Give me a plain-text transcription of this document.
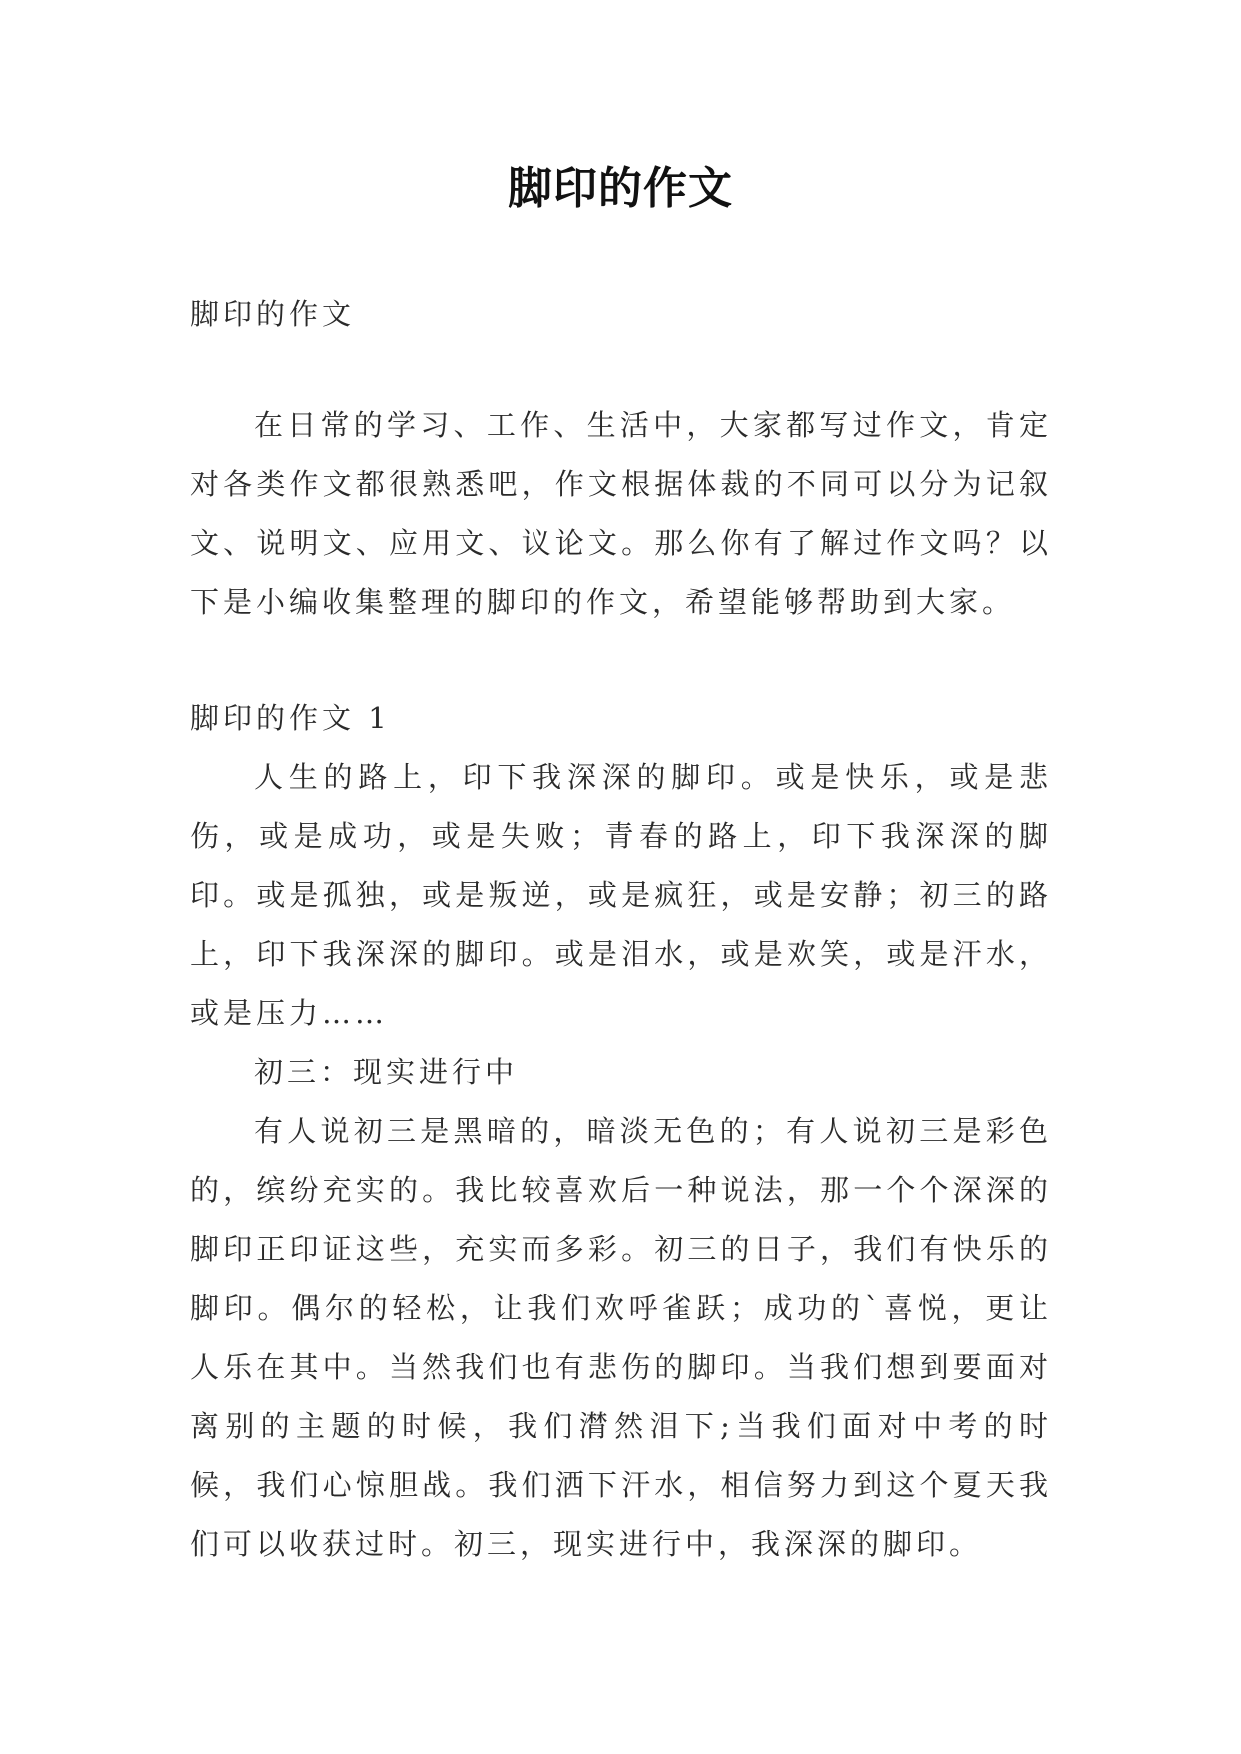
脚印的作文

脚印的作文

在日常的学习、工作、生活中，大家都写过作文，肯定对各类作文都很熟悉吧，作文根据体裁的不同可以分为记叙文、说明文、应用文、议论文。那么你有了解过作文吗？以下是小编收集整理的脚印的作文，希望能够帮助到大家。

脚印的作文 1

人生的路上，印下我深深的脚印。或是快乐，或是悲伤，或是成功，或是失败；青春的路上，印下我深深的脚印。或是孤独，或是叛逆，或是疯狂，或是安静；初三的路上，印下我深深的脚印。或是泪水，或是欢笑，或是汗水，或是压力……

初三：现实进行中

有人说初三是黑暗的，暗淡无色的；有人说初三是彩色的，缤纷充实的。我比较喜欢后一种说法，那一个个深深的脚印正印证这些，充实而多彩。初三的日子，我们有快乐的脚印。偶尔的轻松，让我们欢呼雀跃；成功的`喜悦，更让人乐在其中。当然我们也有悲伤的脚印。当我们想到要面对离别的主题的时候，我们潸然泪下;当我们面对中考的时候，我们心惊胆战。我们洒下汗水，相信努力到这个夏天我们可以收获过时。初三，现实进行中，我深深的脚印。
